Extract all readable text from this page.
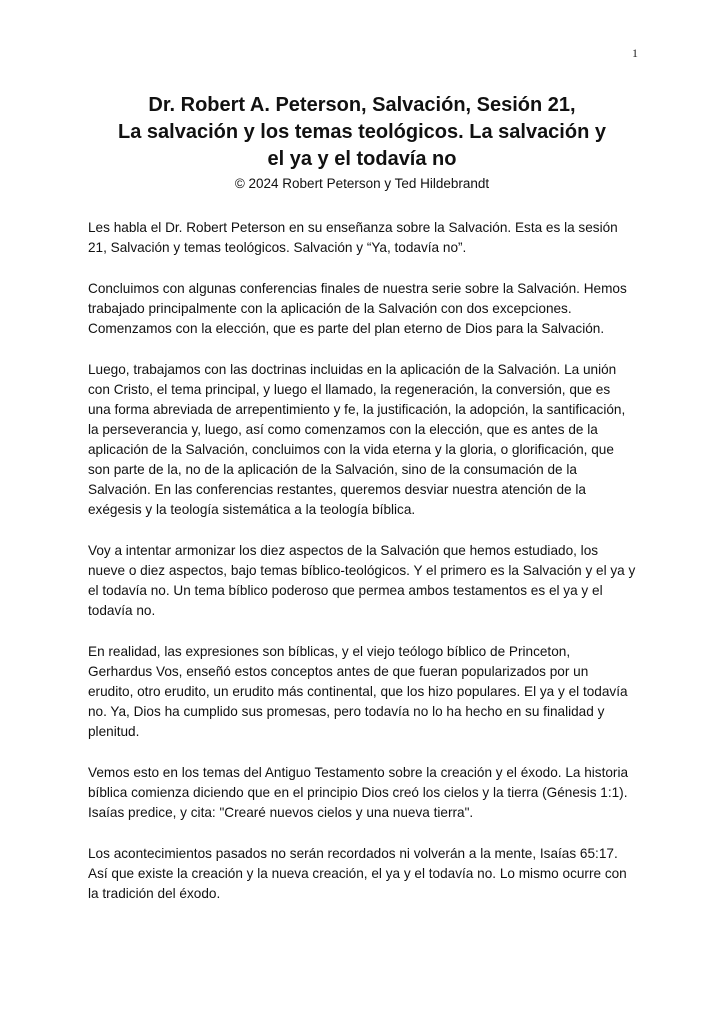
1
Dr. Robert A. Peterson, Salvación, Sesión 21,
La salvación y los temas teológicos. La salvación y
el ya y el todavía no

© 2024 Robert Peterson y Ted Hildebrandt

Les habla el Dr. Robert Peterson en su enseñanza sobre la Salvación. Esta es la sesión 21, Salvación y temas teológicos. Salvación y “Ya, todavía no”.

Concluimos con algunas conferencias finales de nuestra serie sobre la Salvación. Hemos trabajado principalmente con la aplicación de la Salvación con dos excepciones. Comenzamos con la elección, que es parte del plan eterno de Dios para la Salvación.

Luego, trabajamos con las doctrinas incluidas en la aplicación de la Salvación. La unión con Cristo, el tema principal, y luego el llamado, la regeneración, la conversión, que es una forma abreviada de arrepentimiento y fe, la justificación, la adopción, la santificación, la perseverancia y, luego, así como comenzamos con la elección, que es antes de la aplicación de la Salvación, concluimos con la vida eterna y la gloria, o glorificación, que son parte de la, no de la aplicación de la Salvación, sino de la consumación de la Salvación. En las conferencias restantes, queremos desviar nuestra atención de la exégesis y la teología sistemática a la teología bíblica.

Voy a intentar armonizar los diez aspectos de la Salvación que hemos estudiado, los nueve o diez aspectos, bajo temas bíblico-teológicos. Y el primero es la Salvación y el ya y el todavía no. Un tema bíblico poderoso que permea ambos testamentos es el ya y el todavía no.

En realidad, las expresiones son bíblicas, y el viejo teólogo bíblico de Princeton, Gerhardus Vos, enseñó estos conceptos antes de que fueran popularizados por un erudito, otro erudito, un erudito más continental, que los hizo populares. El ya y el todavía no. Ya, Dios ha cumplido sus promesas, pero todavía no lo ha hecho en su finalidad y plenitud.

Vemos esto en los temas del Antiguo Testamento sobre la creación y el éxodo. La historia bíblica comienza diciendo que en el principio Dios creó los cielos y la tierra (Génesis 1:1). Isaías predice, y cita: "Crearé nuevos cielos y una nueva tierra".

Los acontecimientos pasados no serán recordados ni volverán a la mente, Isaías 65:17. Así que existe la creación y la nueva creación, el ya y el todavía no. Lo mismo ocurre con la tradición del éxodo.
